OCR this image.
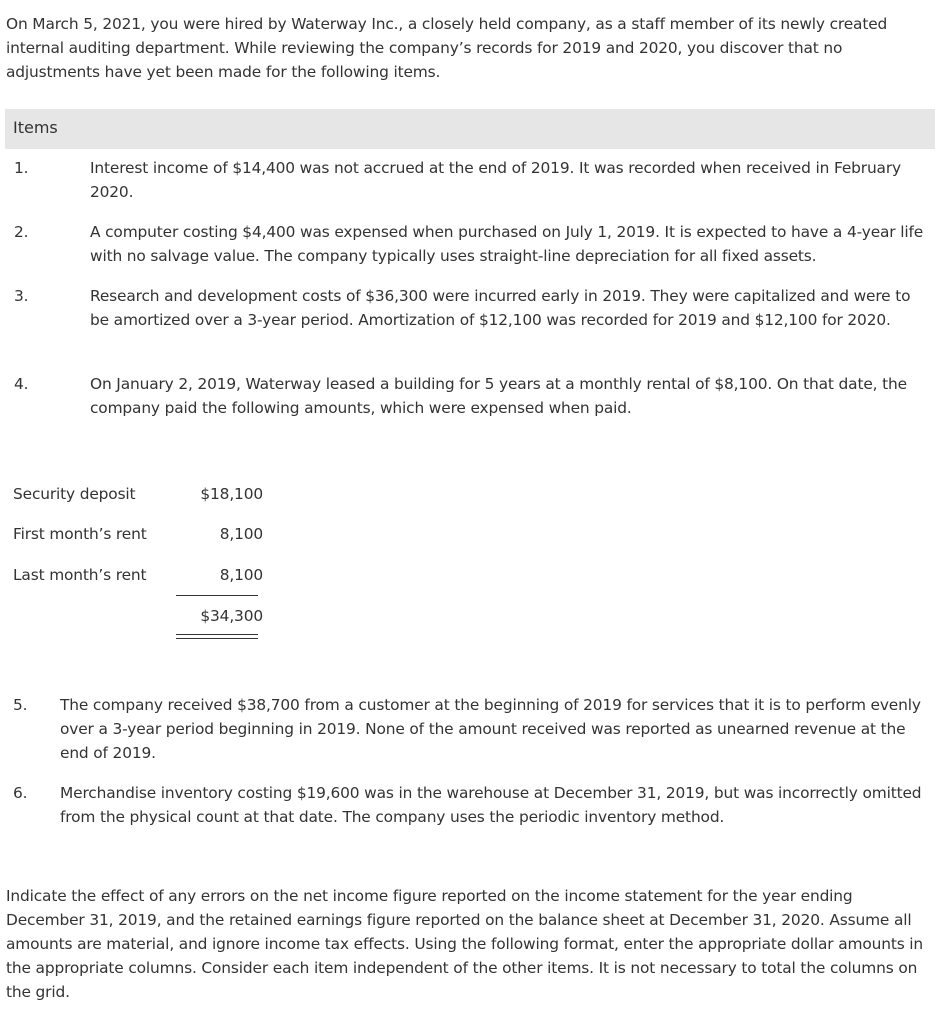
On March 5, 2021, you were hired by Waterway Inc., a closely held company, as a staff member of its newly created internal auditing department. While reviewing the company’s records for 2019 and 2020, you discover that no adjustments have yet been made for the following items.

Items
1.	Interest income of $14,400 was not accrued at the end of 2019. It was recorded when received in February 2020.
2.	A computer costing $4,400 was expensed when purchased on July 1, 2019. It is expected to have a 4-year life with no salvage value. The company typically uses straight-line depreciation for all fixed assets.
3.	Research and development costs of $36,300 were incurred early in 2019. They were capitalized and were to be amortized over a 3-year period. Amortization of $12,100 was recorded for 2019 and $12,100 for 2020.
4.	On January 2, 2019, Waterway leased a building for 5 years at a monthly rental of $8,100. On that date, the company paid the following amounts, which were expensed when paid.
Security deposit	$18,100
First month’s rent	8,100
Last month’s rent	8,100
$34,300
5. The company received $38,700 from a customer at the beginning of 2019 for services that it is to perform evenly over a 3-year period beginning in 2019. None of the amount received was reported as unearned revenue at the end of 2019.
6. Merchandise inventory costing $19,600 was in the warehouse at December 31, 2019, but was incorrectly omitted from the physical count at that date. The company uses the periodic inventory method.

Indicate the effect of any errors on the net income figure reported on the income statement for the year ending December 31, 2019, and the retained earnings figure reported on the balance sheet at December 31, 2020. Assume all amounts are material, and ignore income tax effects. Using the following format, enter the appropriate dollar amounts in the appropriate columns. Consider each item independent of the other items. It is not necessary to total the columns on the grid.
